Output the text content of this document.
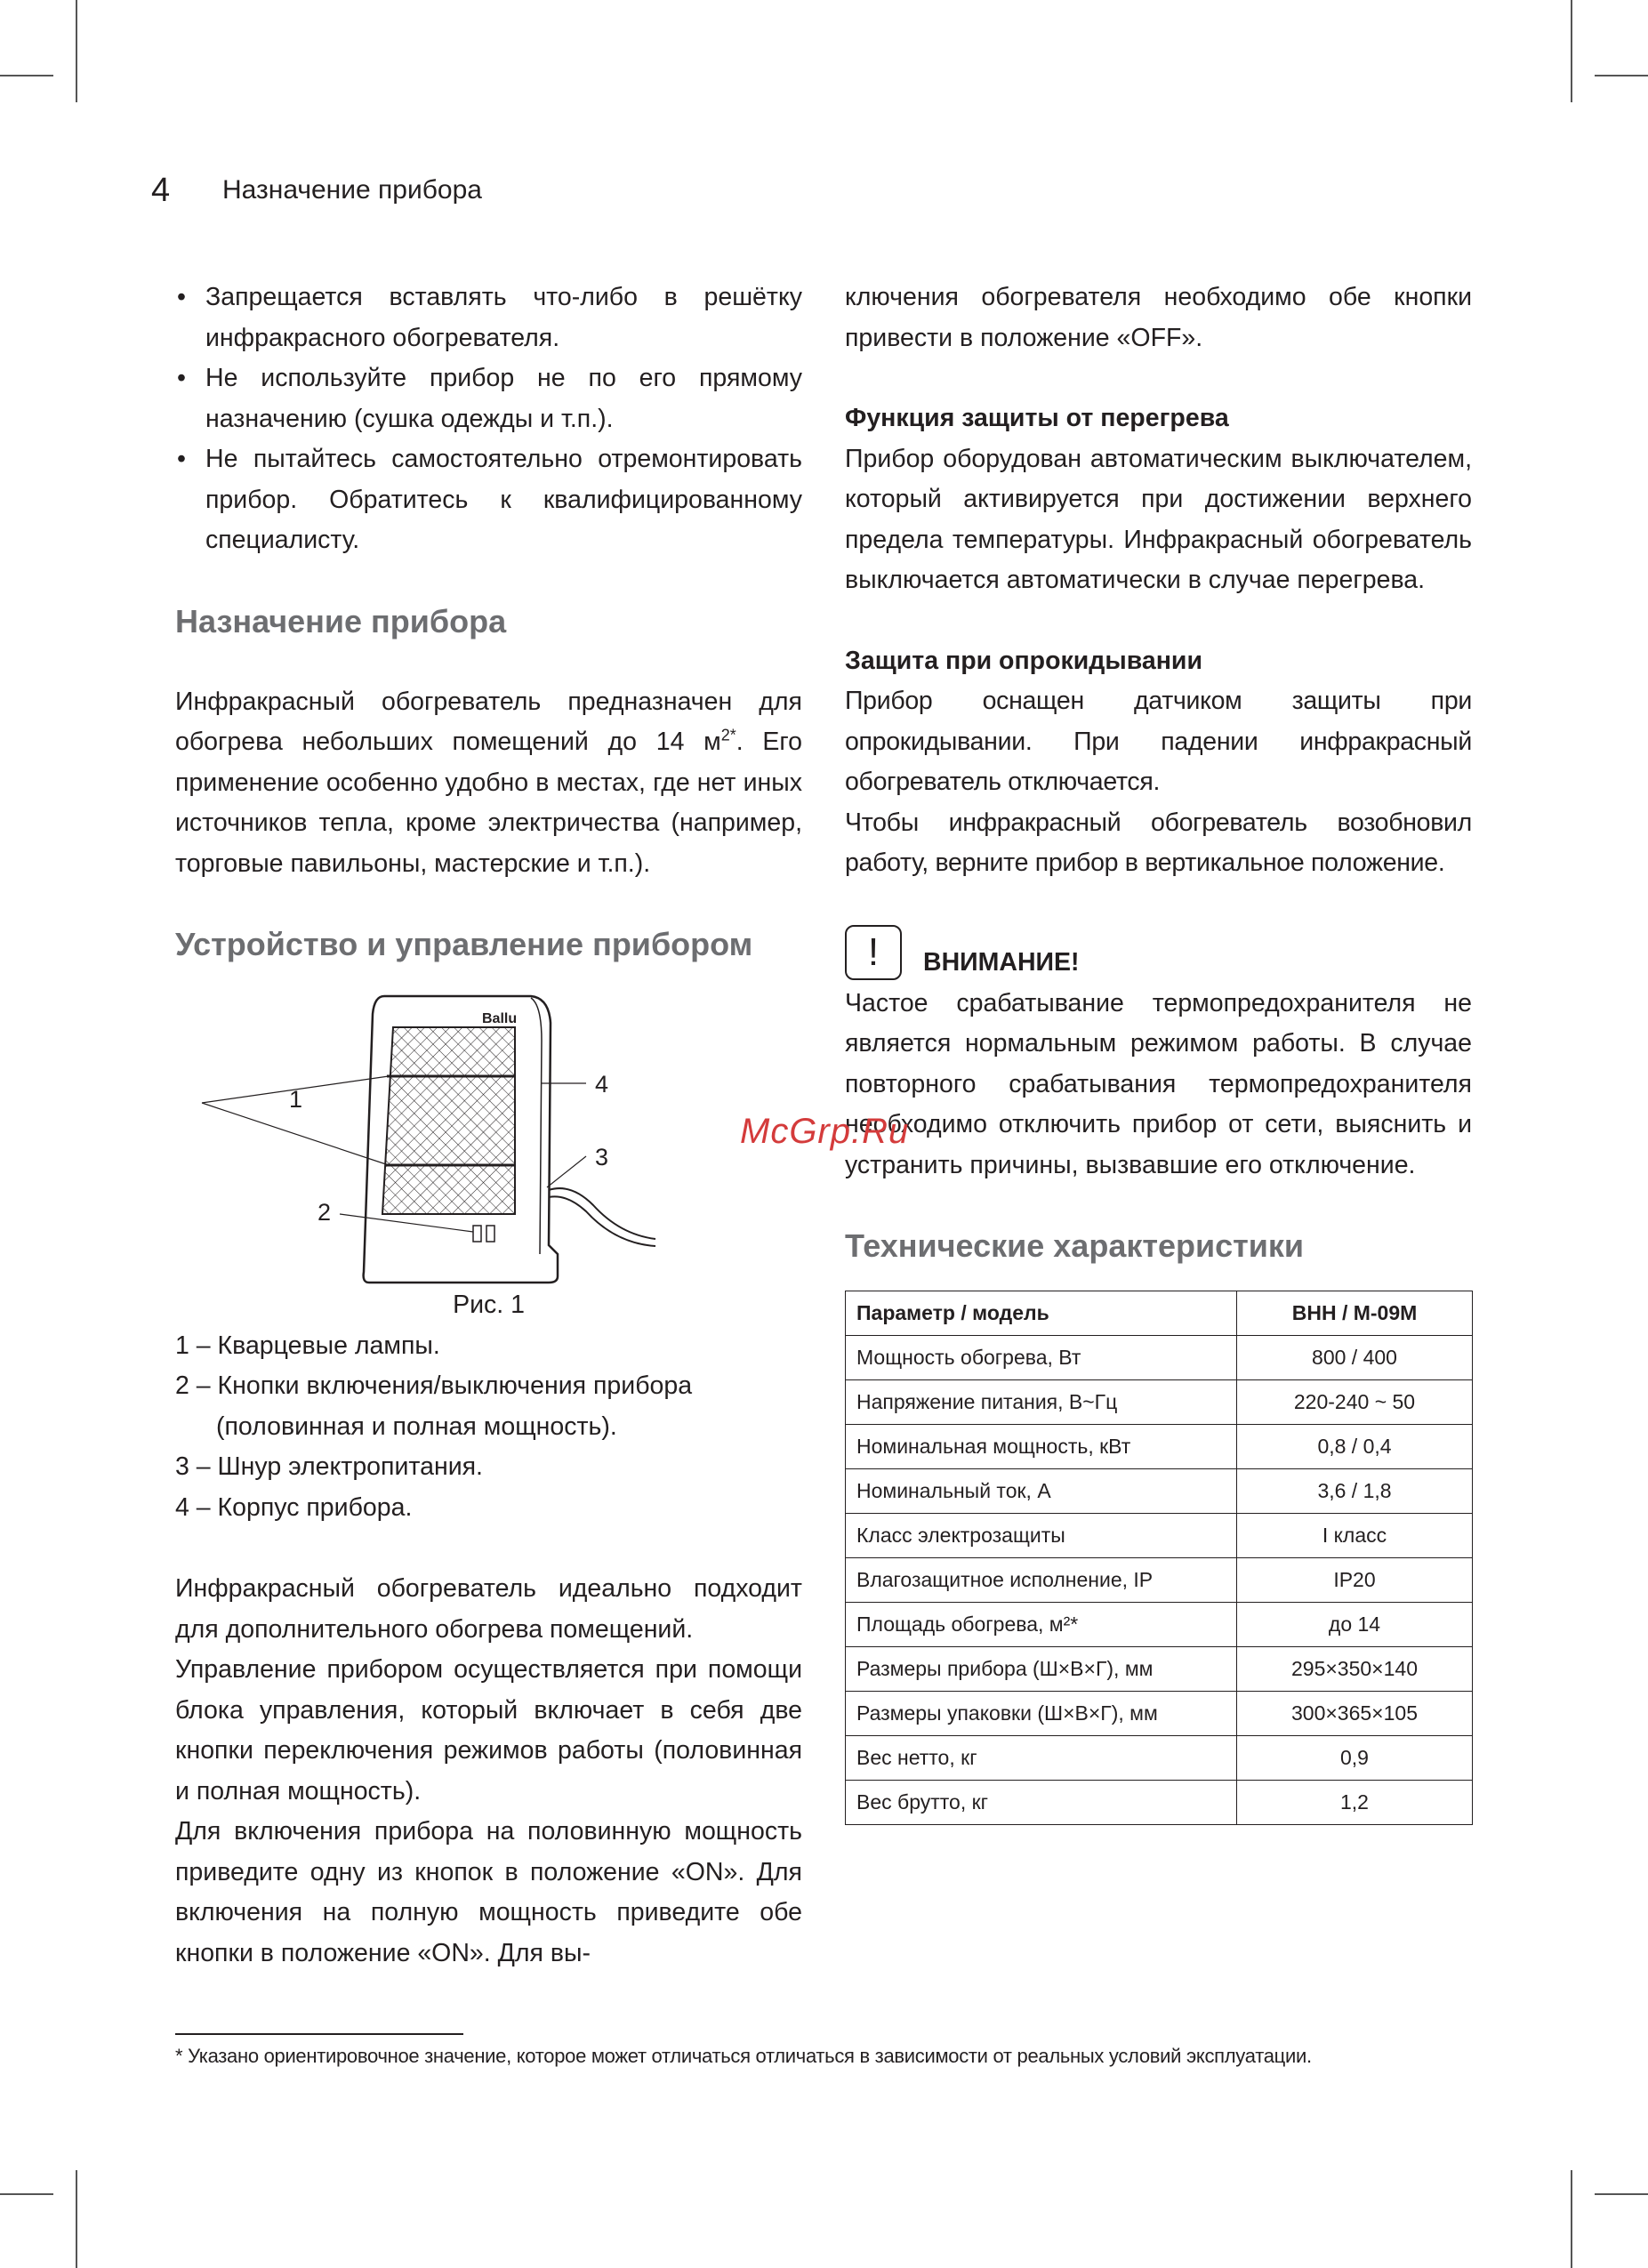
4 Назначение прибора
• Запрещается вставлять что-либо в решётку инфракрасного обогревателя.
• Не используйте прибор не по его прямому назначению (сушка одежды и т.п.).
• Не пытайтесь самостоятельно отремонтировать прибор. Обратитесь к квалифицированному специалисту.
Назначение прибора

Инфракрасный обогреватель предназначен для обогрева небольших помещений до 14 $м^{2*}$. Его применение особенно удобно в местах, где нет иных источников тепла, кроме электричества (например, торговые павильоны, мастерские и т.п.).

Устройство и управление прибором
Ballu
1
2
3
4
Рис. 1
1 – Кварцевые лампы.
2 – Кнопки включения/выключения прибора
(половинная и полная мощность).
3 – Шнур электропитания.
4 – Корпус прибора.

Инфракрасный обогреватель идеально подходит для дополнительного обогрева помещений.

Управление прибором осуществляется при помощи блока управления, который включает в себя две кнопки переключения режимов работы (половинная и полная мощность).

Для включения прибора на половинную мощность приведите одну из кнопок в положение «ON». Для включения на полную мощность приведите обе кнопки в положение «ON». Для вы-

ключения обогревателя необходимо обе кнопки привести в положение «OFF».

Функция защиты от перегрева

Прибор оборудован автоматическим выключателем, который активируется при достижении верхнего предела температуры. Инфракрасный обогреватель выключается автоматически в случае перегрева.

Защита при опрокидывании

Прибор оснащен датчиком защиты при опрокидывании. При падении инфракрасный обогреватель отключается.

Чтобы инфракрасный обогреватель возобновил работу, верните прибор в вертикальное положение.

!	ВНИМАНИЕ!

Частое срабатывание термопредохранителя не является нормальным режимом работы. В случае повторного срабатывания термопредохранителя необходимо отключить прибор от сети, выяснить и устранить причины, вызвавшие его отключение.

Технические характеристики
Параметр / модель	BHH / M-09M
Мощность обогрева, Вт	800 / 400
Напряжение питания, В~Гц	220-240 ~ 50
Номинальная мощность, кВт	0,8 / 0,4
Номинальный ток, А	3,6 / 1,8
Класс электрозащиты	I класс
Влагозащитное исполнение, IP	IP20
Площадь обогрева, м²*	до 14
Размеры прибора (Ш×В×Г), мм	295×350×140
Размеры упаковки (Ш×В×Г), мм	300×365×105
Вес нетто, кг	0,9
Вес брутто, кг	1,2
McGrp.Ru
* Указано ориентировочное значение, которое может отличаться отличаться в зависимости от реальных условий эксплуатации.
